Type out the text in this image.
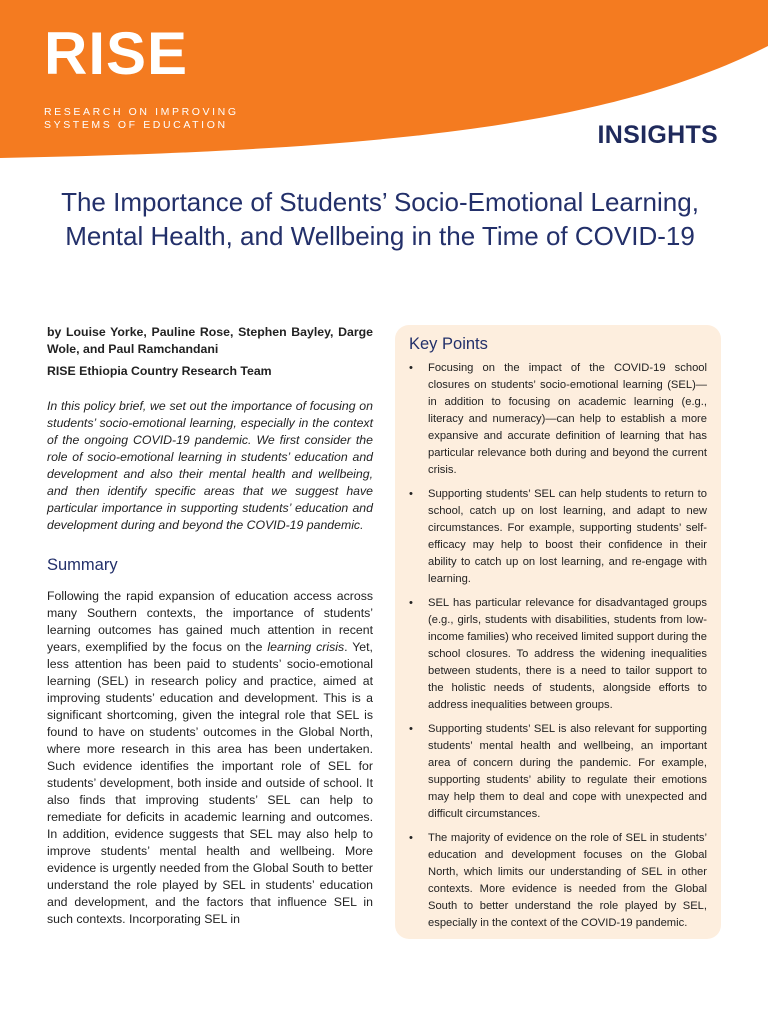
RISE
RESEARCH ON IMPROVING
SYSTEMS OF EDUCATION	INSIGHTS
The Importance of Students’ Socio-Emotional Learning, Mental Health, and Wellbeing in the Time of COVID-19
by Louise Yorke, Pauline Rose, Stephen Bayley, Darge Wole, and Paul Ramchandani
RISE Ethiopia Country Research Team
In this policy brief, we set out the importance of focusing on students’ socio-emotional learning, especially in the context of the ongoing COVID-19 pandemic. We first consider the role of socio-emotional learning in students’ education and development and also their mental health and wellbeing, and then identify specific areas that we suggest have particular importance in supporting students’ education and development during and beyond the COVID-19 pandemic.
Summary
Following the rapid expansion of education access across many Southern contexts, the importance of students’ learning outcomes has gained much attention in recent years, exemplified by the focus on the learning crisis. Yet, less attention has been paid to students’ socio-emotional learning (SEL) in research policy and practice, aimed at improving students’ education and development. This is a significant shortcoming, given the integral role that SEL is found to have on students’ outcomes in the Global North, where more research in this area has been undertaken. Such evidence identifies the important role of SEL for students’ development, both inside and outside of school. It also finds that improving students’ SEL can help to remediate for deficits in academic learning and outcomes. In addition, evidence suggests that SEL may also help to improve students’ mental health and wellbeing. More evidence is urgently needed from the Global South to better understand the role played by SEL in students’ education and development, and the factors that influence SEL in such contexts. Incorporating SEL in
Key Points
• Focusing on the impact of the COVID-19 school closures on students’ socio-emotional learning (SEL)—in addition to focusing on academic learning (e.g., literacy and numeracy)—can help to establish a more expansive and accurate definition of learning that has particular relevance both during and beyond the current crisis.
• Supporting students’ SEL can help students to return to school, catch up on lost learning, and adapt to new circumstances. For example, supporting students’ self-efficacy may help to boost their confidence in their ability to catch up on lost learning, and re-engage with learning.
• SEL has particular relevance for disadvantaged groups (e.g., girls, students with disabilities, students from low-income families) who received limited support during the school closures. To address the widening inequalities between students, there is a need to tailor support to the holistic needs of students, alongside efforts to address inequalities between groups.
• Supporting students’ SEL is also relevant for supporting students’ mental health and wellbeing, an important area of concern during the pandemic. For example, supporting students’ ability to regulate their emotions may help them to deal and cope with unexpected and difficult circumstances.
• The majority of evidence on the role of SEL in students’ education and development focuses on the Global North, which limits our understanding of SEL in other contexts. More evidence is needed from the Global South to better understand the role played by SEL, especially in the context of the COVID-19 pandemic.
